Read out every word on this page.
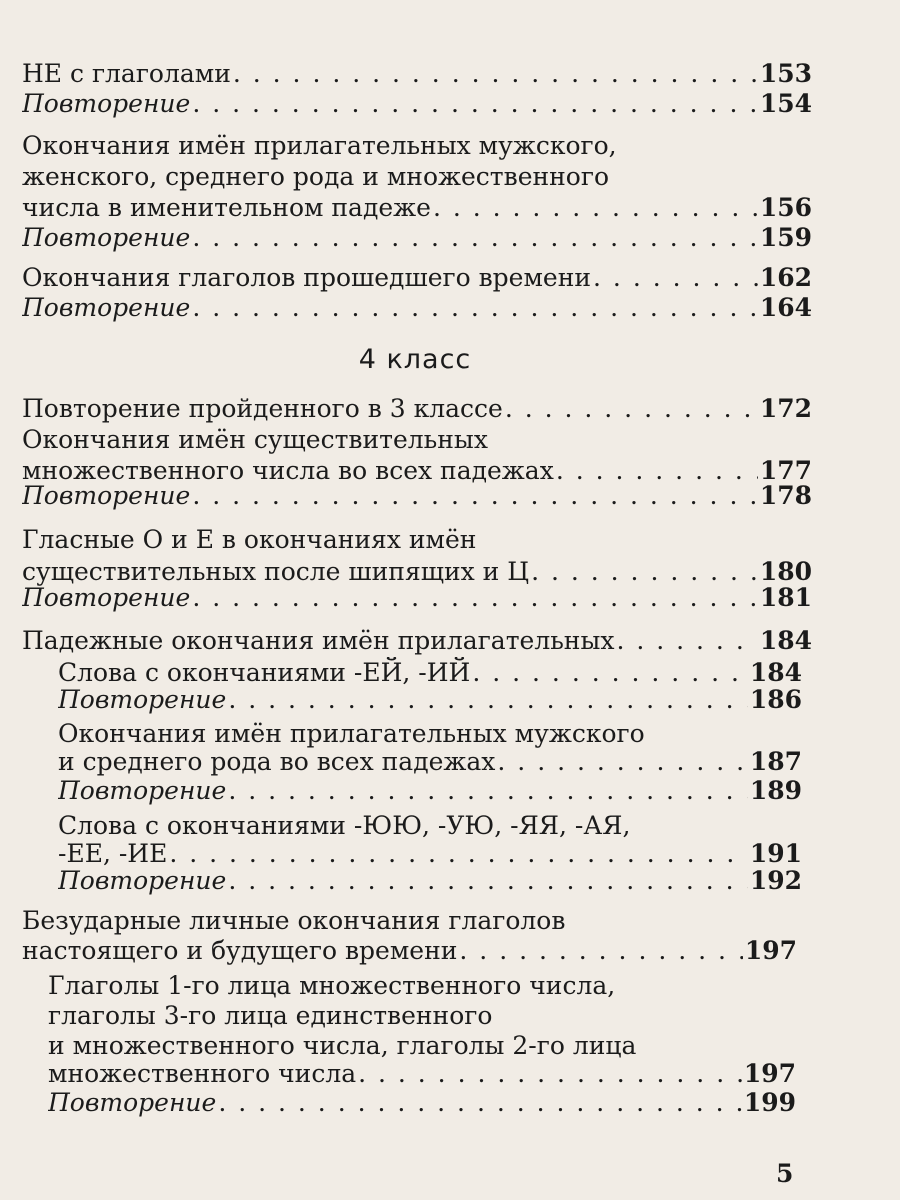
НЕ с глаголами . . .	153
Повторение . . .	154
Окончания имён прилагательных мужского,
женского, среднего рода и множественного
числа в именительном падеже . . .	156
Повторение . . .	159
Окончания глаголов прошедшего времени . . .	162
Повторение . . .	164
4 класс
Повторение пройденного в 3 классе . . .	172
Окончания имён существительных
множественного числа во всех падежах . . .	177
Повторение . . .	178
Гласные О и Е в окончаниях имён
существительных после шипящих и Ц . . .	180
Повторение . . .	181
Падежные окончания имён прилагательных . . .	184
Слова с окончаниями -ЕЙ, -ИЙ . . .	184
Повторение . . .	186
Окончания имён прилагательных мужского
и среднего рода во всех падежах . . .	187
Повторение . . .	189
Слова с окончаниями -ЮЮ, -УЮ, -ЯЯ, -АЯ,
-ЕЕ, -ИЕ . . .	191
Повторение . . .	192
Безударные личные окончания глаголов
настоящего и будущего времени . . .	197
Глаголы 1-го лица множественного числа,
глаголы 3-го лица единственного
и множественного числа, глаголы 2-го лица
множественного числа . . .	197
Повторение . . .	199
5
